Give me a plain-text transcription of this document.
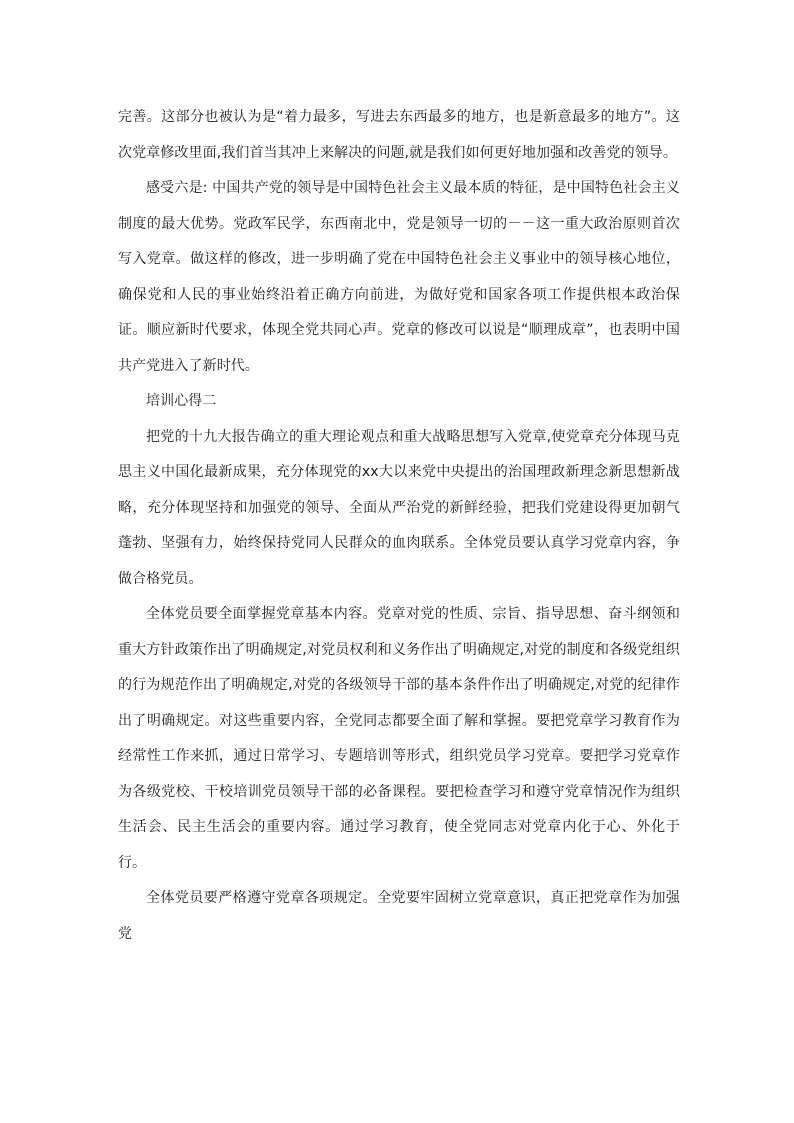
完善。这部分也被认为是“着力最多，写进去东西最多的地方，也是新意最多的地方”。这次党章修改里面,我们首当其冲上来解决的问题,就是我们如何更好地加强和改善党的领导。

感受六是: 中国共产党的领导是中国特色社会主义最本质的特征，是中国特色社会主义制度的最大优势。党政军民学，东西南北中，党是领导一切的－－这一重大政治原则首次写入党章。做这样的修改，进一步明确了党在中国特色社会主义事业中的领导核心地位，确保党和人民的事业始终沿着正确方向前进，为做好党和国家各项工作提供根本政治保证。顺应新时代要求，体现全党共同心声。党章的修改可以说是“顺理成章”，也表明中国共产党进入了新时代。

培训心得二

把党的十九大报告确立的重大理论观点和重大战略思想写入党章,使党章充分体现马克思主义中国化最新成果，充分体现党的xx大以来党中央提出的治国理政新理念新思想新战略，充分体现坚持和加强党的领导、全面从严治党的新鲜经验，把我们党建设得更加朝气蓬勃、坚强有力，始终保持党同人民群众的血肉联系。全体党员要认真学习党章内容，争做合格党员。

全体党员要全面掌握党章基本内容。党章对党的性质、宗旨、指导思想、奋斗纲领和重大方针政策作出了明确规定,对党员权利和义务作出了明确规定,对党的制度和各级党组织的行为规范作出了明确规定,对党的各级领导干部的基本条件作出了明确规定,对党的纪律作出了明确规定。对这些重要内容，全党同志都要全面了解和掌握。要把党章学习教育作为经常性工作来抓，通过日常学习、专题培训等形式，组织党员学习党章。要把学习党章作为各级党校、干校培训党员领导干部的必备课程。要把检查学习和遵守党章情况作为组织生活会、民主生活会的重要内容。通过学习教育，使全党同志对党章内化于心、外化于行。

全体党员要严格遵守党章各项规定。全党要牢固树立党章意识，真正把党章作为加强党
